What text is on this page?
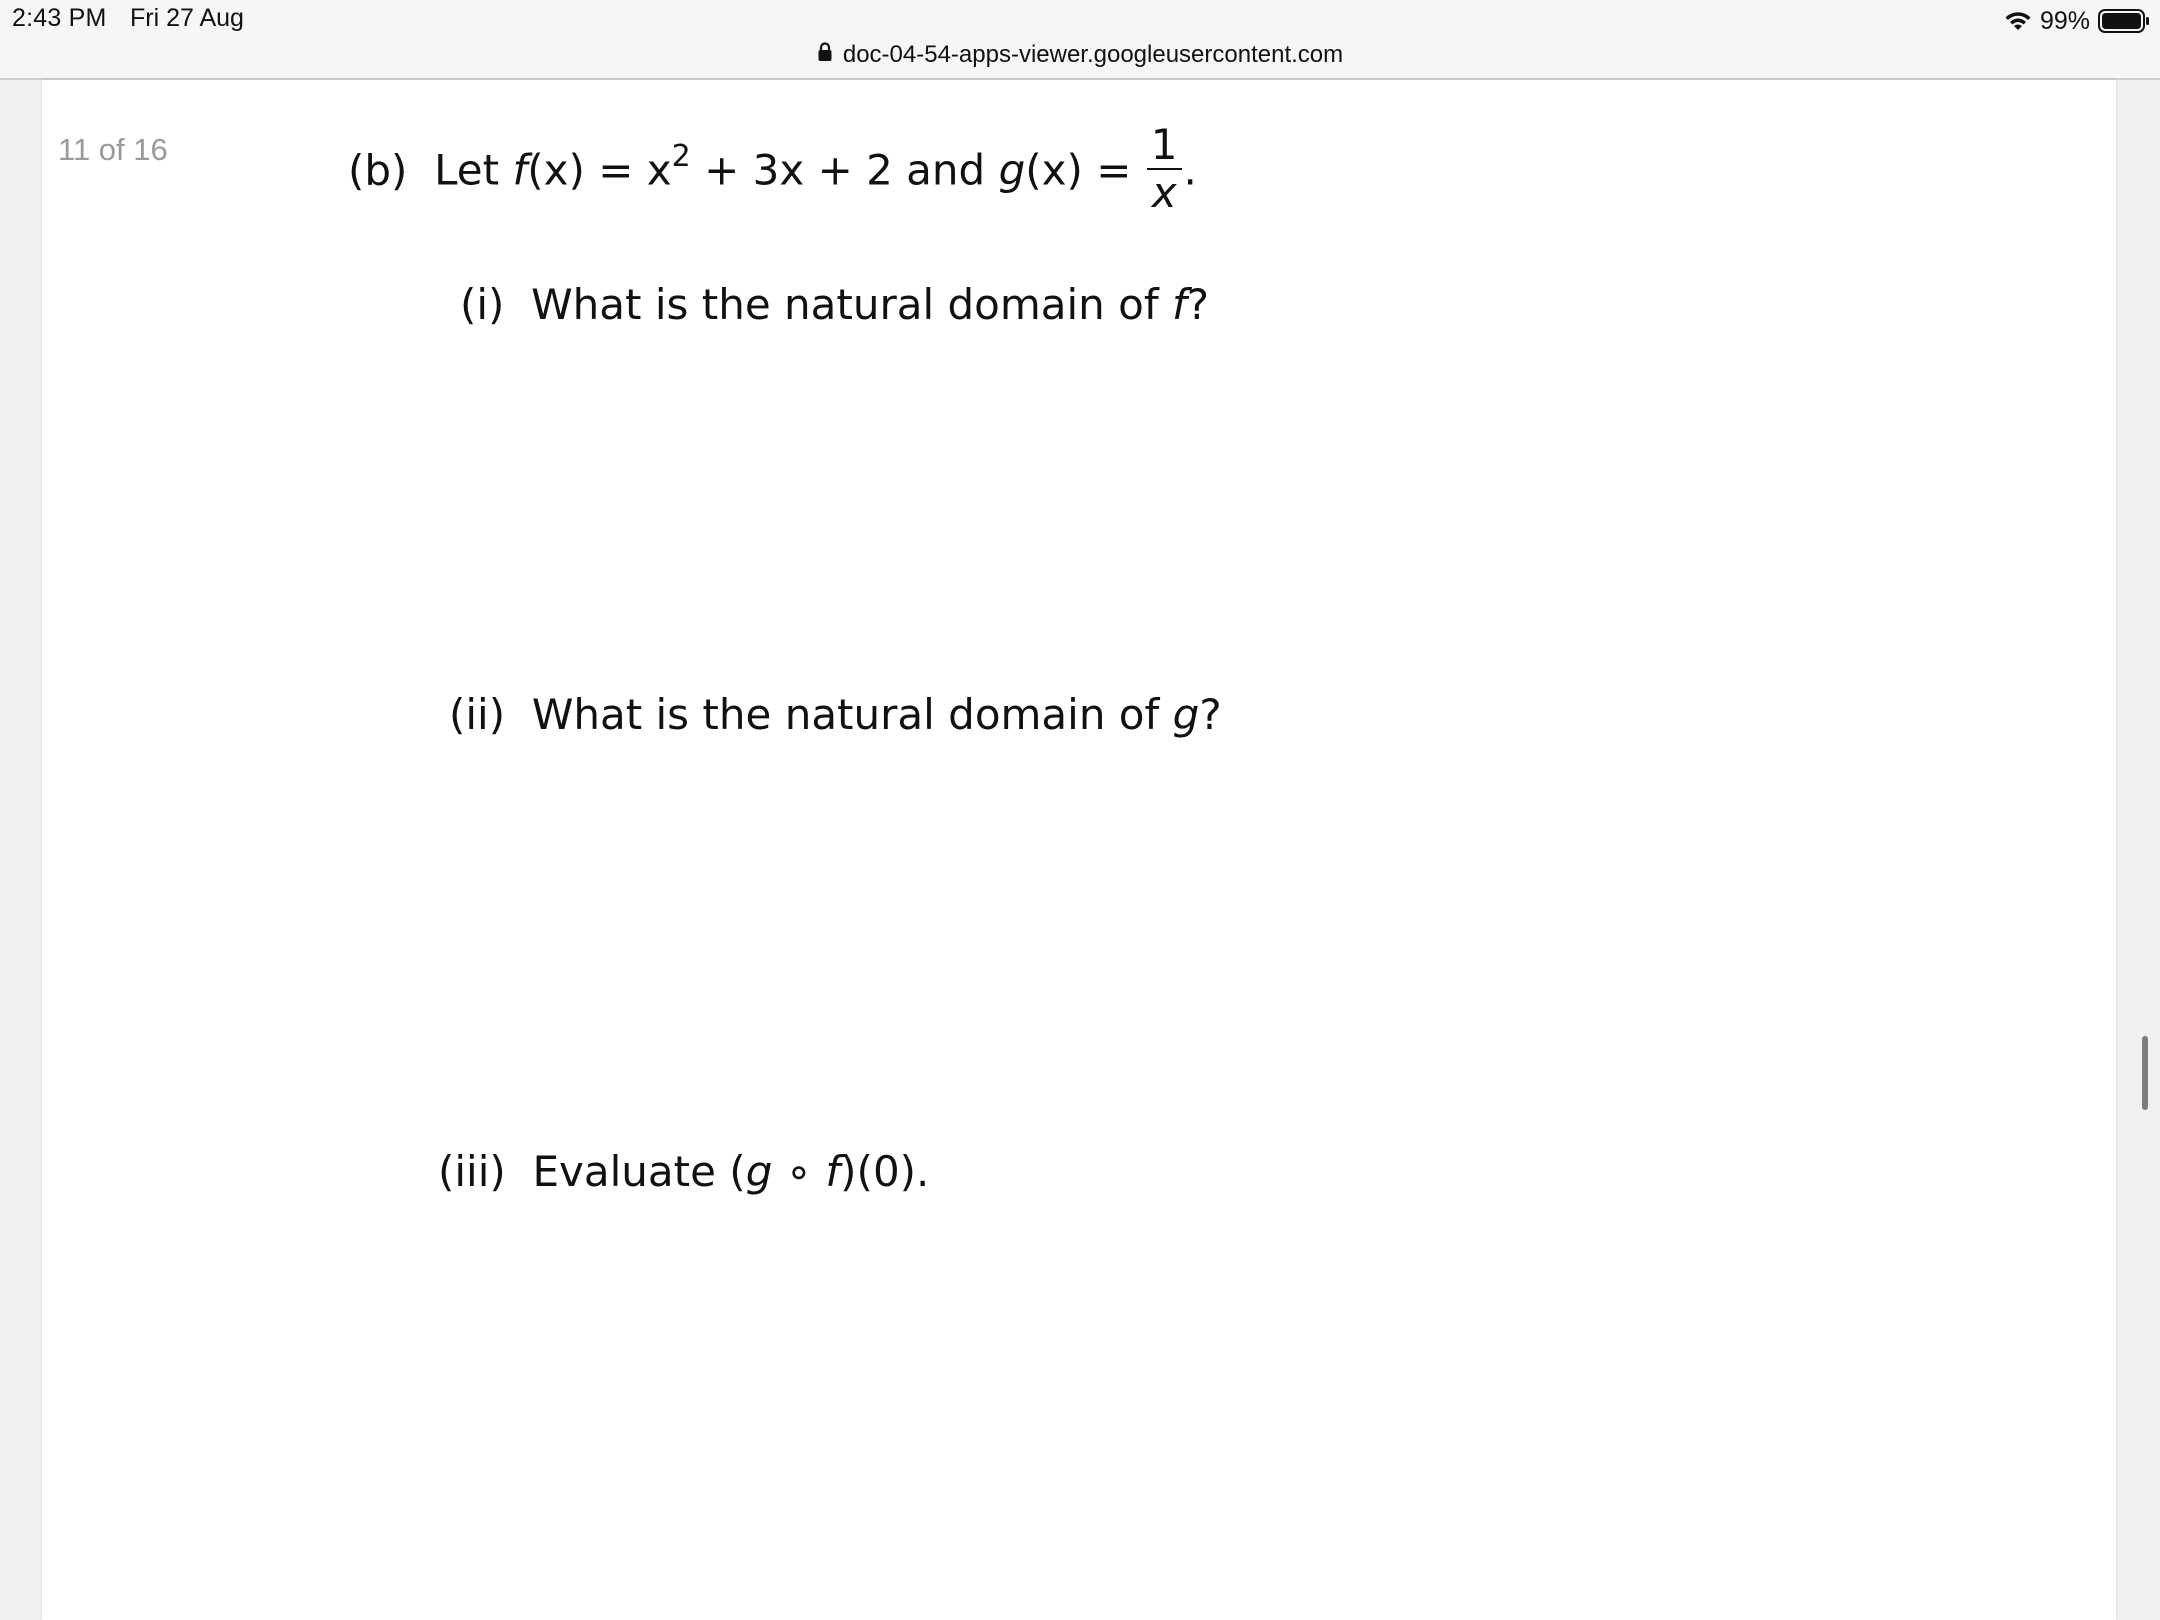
2:43 PM Fri 27 Aug	99%
doc-04-54-apps-viewer.googleusercontent.com
11 of 16	(b) Let $f(x) = x^2 + 3x + 2$ and $g(x) = \frac{1}{x}$ .
(i) What is the natural domain of f?
(ii) What is the natural domain of g?
(iii) Evaluate (g ∘ f)(0).
